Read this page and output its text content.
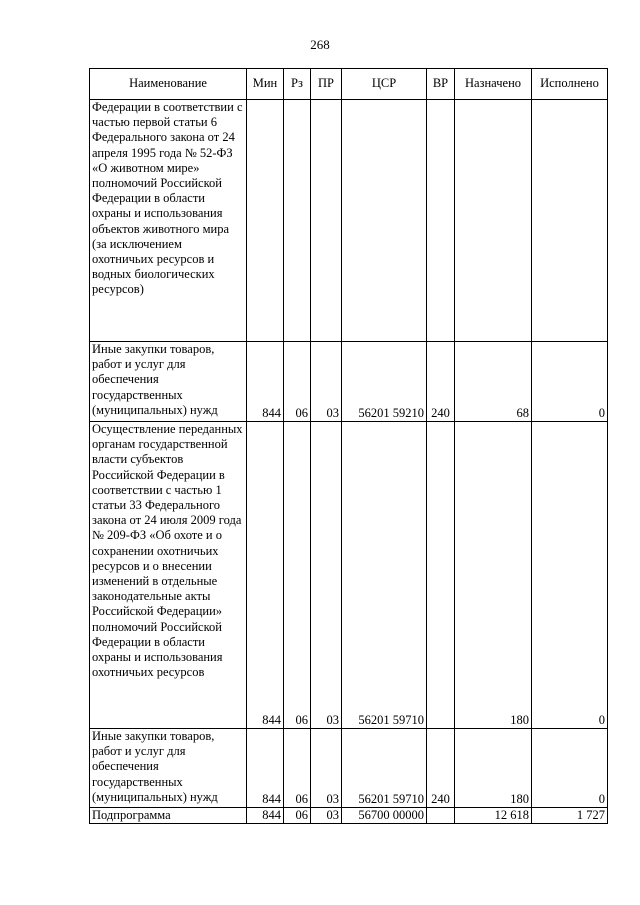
268
Наименование	Мин	Рз	ПР	ЦСР	ВР	Назначено	Исполнено
Федерации в соответствии с частью первой статьи 6 Федерального закона от 24 апреля 1995 года № 52-ФЗ «О животном мире» полномочий Российской Федерации в области охраны и использования объектов животного мира (за исключением охотничьих ресурсов и водных биологических ресурсов)							
Иные закупки товаров, работ и услуг для обеспечения государственных (муниципальных) нужд	844	06	03	56201 59210	240	68	0
Осуществление переданных органам государственной власти субъектов Российской Федерации в соответствии с частью 1 статьи 33 Федерального закона от 24 июля 2009 года № 209-ФЗ «Об охоте и о сохранении охотничьих ресурсов и о внесении изменений в отдельные законодательные акты Российской Федерации» полномочий Российской Федерации в области охраны и использования охотничьих ресурсов	844	06	03	56201 59710		180	0
Иные закупки товаров, работ и услуг для обеспечения государственных (муниципальных) нужд	844	06	03	56201 59710	240	180	0
Подпрограмма	844	06	03	56700 00000		12 618	1 727
